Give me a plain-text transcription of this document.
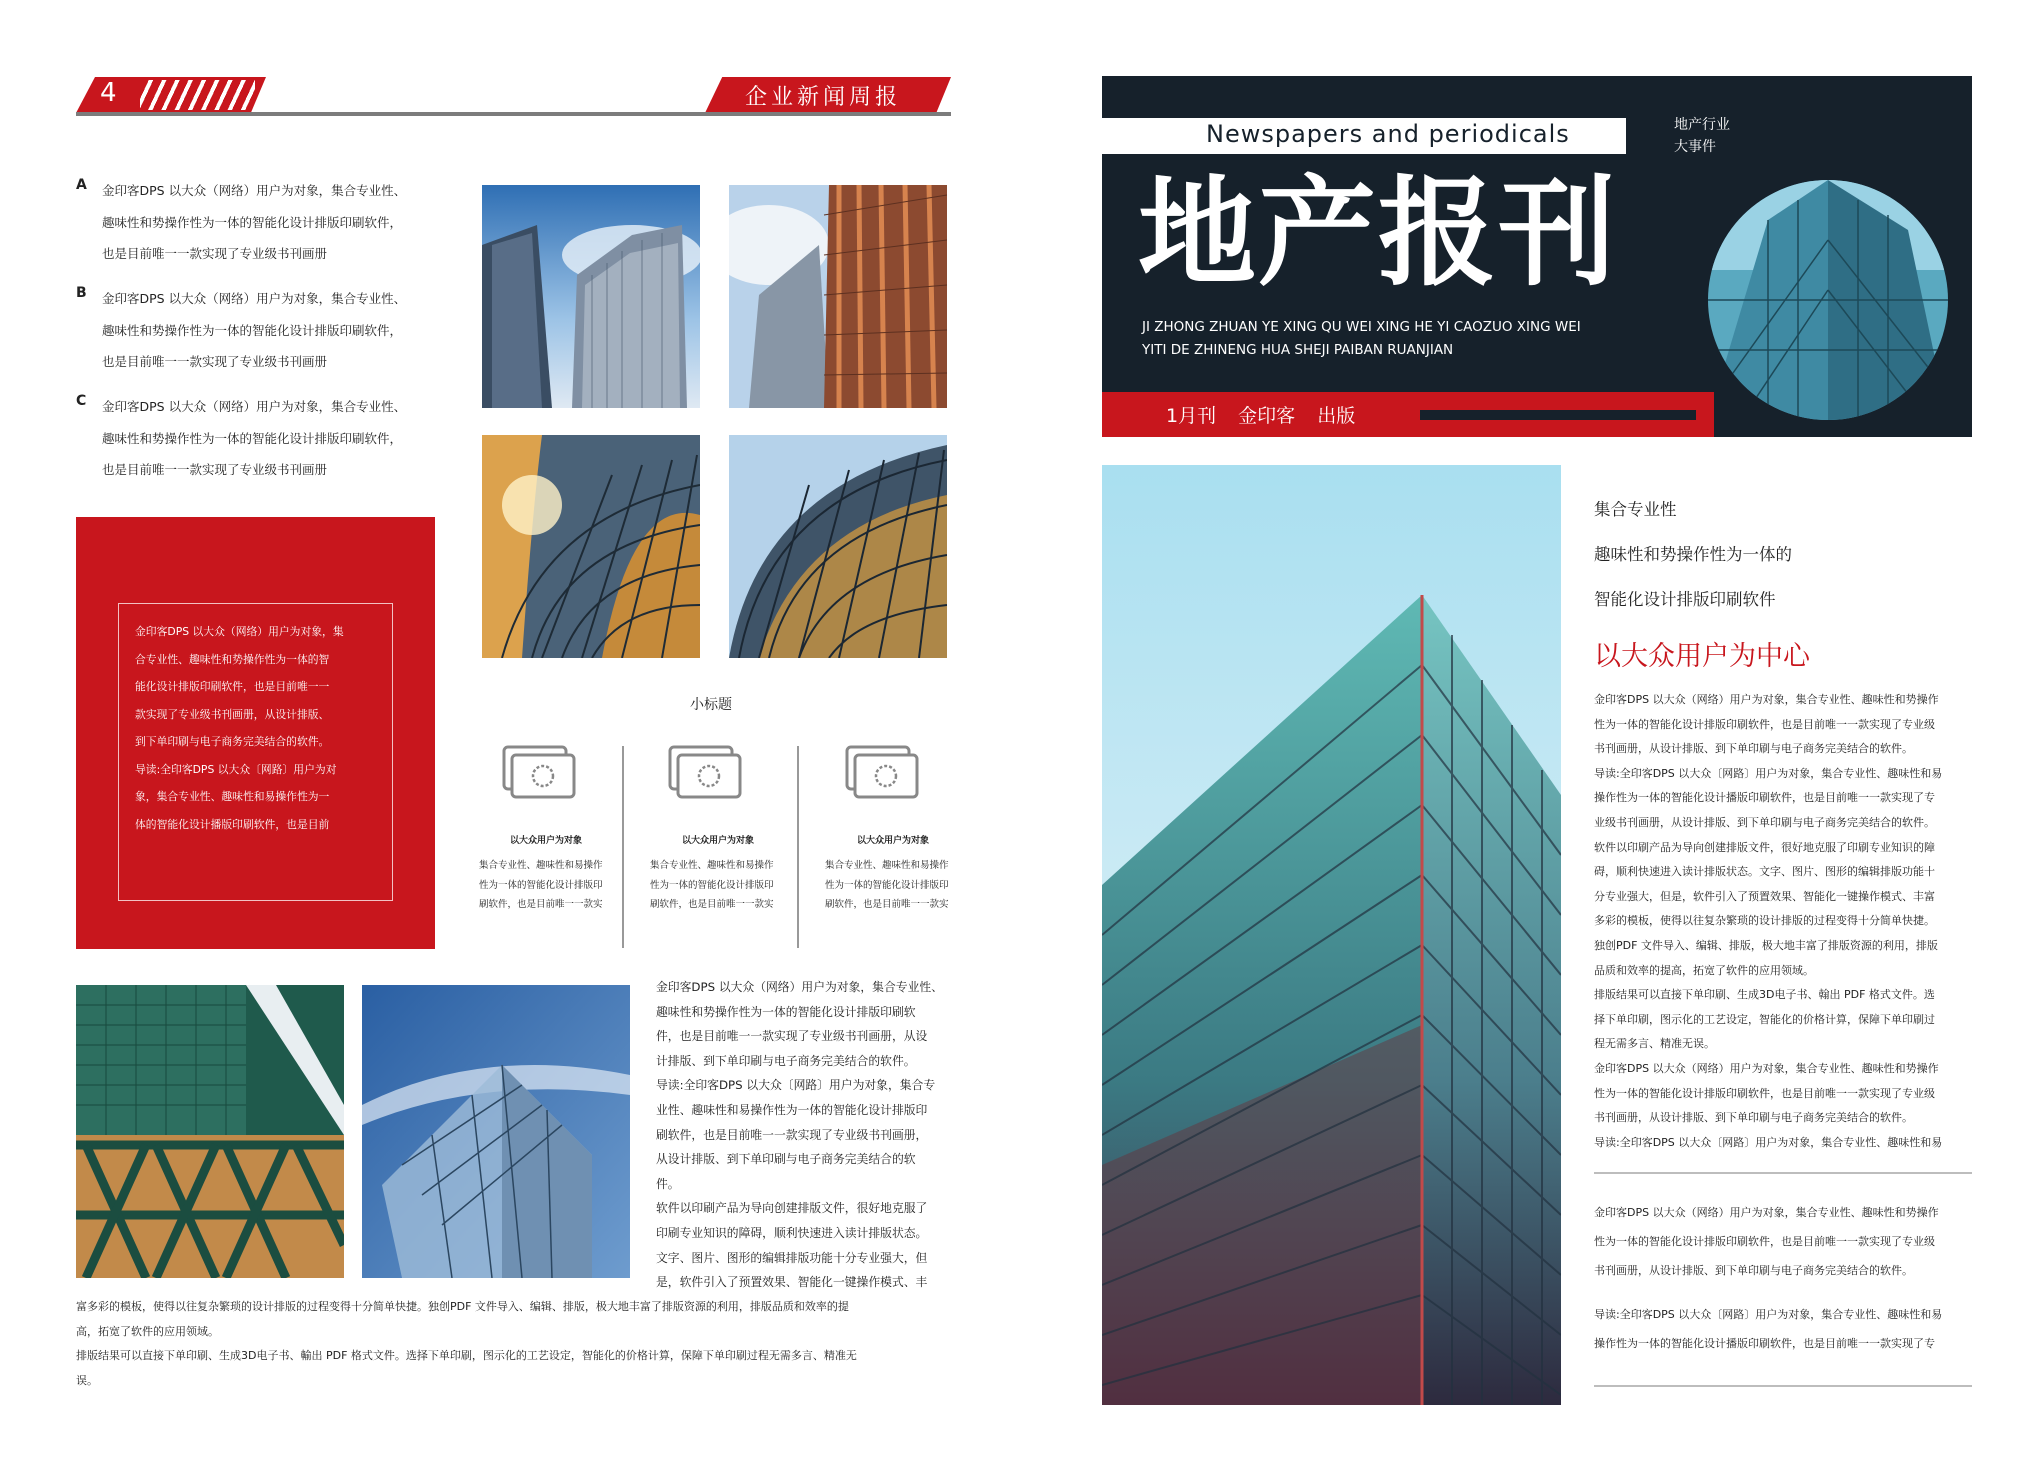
4	企业新闻周报
A 金印客DPS 以大众（网络）用户为对象，集合专业性、
趣味性和势操作性为一体的智能化设计排版印刷软件，
也是目前唯一一款实现了专业级书刊画册
B 金印客DPS 以大众（网络）用户为对象，集合专业性、
趣味性和势操作性为一体的智能化设计排版印刷软件，
也是目前唯一一款实现了专业级书刊画册
C 金印客DPS 以大众（网络）用户为对象，集合专业性、
趣味性和势操作性为一体的智能化设计排版印刷软件，
也是目前唯一一款实现了专业级书刊画册
金印客DPS 以大众（网络）用户为对象，集
合专业性、趣味性和势操作性为一体的智
能化设计排版印刷软件，也是目前唯一一
款实现了专业级书刊画册，从设计排版、
到下单印刷与电子商务完美结合的软件。
导读:全印客DPS 以大众〔网路〕用户为对
象，集合专业性、趣味性和易操作性为一
体的智能化设计播版印刷软件，也是目前
小标题
以大众用户为对象
集合专业性、趣味性和易操作
性为一体的智能化设计排版印
刷软件，也是目前唯一一款实
以大众用户为对象
集合专业性、趣味性和易操作
性为一体的智能化设计排版印
刷软件，也是目前唯一一款实
以大众用户为对象
集合专业性、趣味性和易操作
性为一体的智能化设计排版印
刷软件，也是目前唯一一款实
金印客DPS 以大众（网络）用户为对象，集合专业性、
趣味性和势操作性为一体的智能化设计排版印刷软
件，也是目前唯一一款实现了专业级书刊画册，从设
计排版、到下单印刷与电子商务完美结合的软件。
导读:全印客DPS 以大众〔网路〕用户为对象，集合专
业性、趣味性和易操作性为一体的智能化设计排版印
刷软件，也是目前唯一一款实现了专业级书刊画册，
从设计排版、到下单印刷与电子商务完美结合的软
件。
软件以印刷产品为导向创建排版文件，很好地克服了
印刷专业知识的障碍，顺利快速进入读计排版状态。
文字、图片、图形的编辑排版功能十分专业强大，但
是，软件引入了预置效果、智能化一键操作模式、丰
富多彩的模板，使得以往复杂繁琐的设计排版的过程变得十分简单快捷。独创PDF 文件导入、编辑、排版，极大地丰富了排版资源的利用，排版品质和效率的提
高，拓宽了软件的应用领域。
排版结果可以直接下单印刷、生成3D电子书、輸出 PDF 格式文件。选择下单印刷，图示化的工艺设定，智能化的价格计算，保障下单印刷过程无需多言、精准无
误。
Newspapers and periodicals	地产行业
大事件
地产报刊
JI ZHONG ZHUAN YE XING QU WEI XING HE YI CAOZUO XING WEI
YITI DE ZHINENG HUA SHEJI PAIBAN RUANJIAN
1月刊 金印客 出版
集合专业性
趣味性和势操作性为一体的
智能化设计排版印刷软件
以大众用户为中心
金印客DPS 以大众（网络）用户为对象，集合专业性、趣味性和势操作
性为一体的智能化设计排版印刷软件，也是目前唯一一款实现了专业级
书刊画册，从设计排版、到下单印刷与电子商务完美结合的软件。
导读:全印客DPS 以大众〔网路〕用户为对象，集合专业性、趣味性和易
操作性为一体的智能化设计播版印刷软件，也是目前唯一一款实现了专
业级书刊画册，从设计排版、到下单印刷与电子商务完美结合的软件。
软件以印刷产品为导向创建排版文件，很好地克服了印刷专业知识的障
碍，顺利快速进入读计排版状态。文字、图片、图形的编辑排版功能十
分专业强大，但是，软件引入了预置效果、智能化一键操作模式、丰富
多彩的模板，使得以往复杂繁琐的设计排版的过程变得十分简单快捷。
独创PDF 文件导入、编辑、排版，极大地丰富了排版资源的利用，排版
品质和效率的提高，拓宽了软件的应用领域。
排版结果可以直接下单印刷、生成3D电子书、翰出 PDF 格式文件。选
择下单印刷，图示化的工艺设定，智能化的价格计算，保障下单印刷过
程无需多言、精准无误。
金印客DPS 以大众（网络）用户为对象，集合专业性、趣味性和势操作
性为一体的智能化设计排版印刷软件，也是目前唯一一款实现了专业级
书刊画册，从设计排版、到下单印刷与电子商务完美结合的软件。
导读:全印客DPS 以大众〔网路〕用户为对象，集合专业性、趣味性和易
金印客DPS 以大众（网络）用户为对象，集合专业性、趣味性和势操作
性为一体的智能化设计排版印刷软件，也是目前唯一一款实现了专业级
书刊画册，从设计排版、到下单印刷与电子商务完美结合的软件。
导读:全印客DPS 以大众〔网路〕用户为对象，集合专业性、趣味性和易
操作性为一体的智能化设计播版印刷软件，也是目前唯一一款实现了专
